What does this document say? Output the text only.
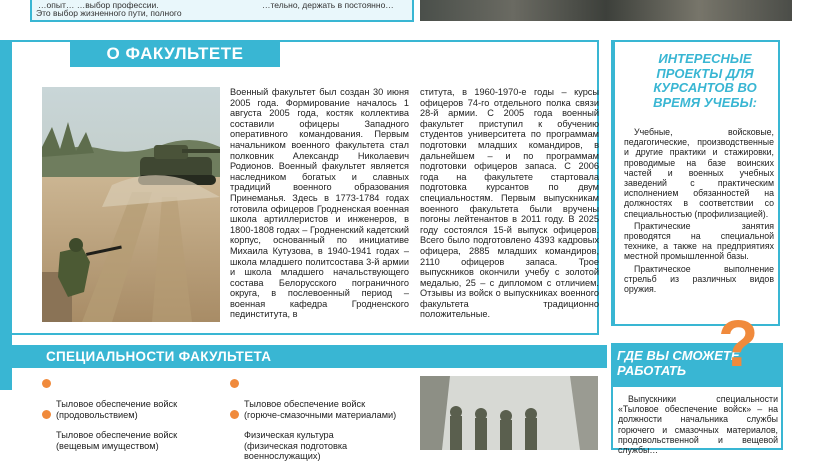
…опыт… …выбор профессии.

Это выбор жизненного пути, полного
…тельно, держать в постоянно…
О ФАКУЛЬТЕТЕ
Военный факультет был создан 30 июня 2005 года. Формирование началось 1 августа 2005 года, костяк коллектива составили офицеры Западного оперативного командования. Первым начальником военного факультета стал полковник Александр Николаевич Родионов. Военный факультет является наследником богатых и славных традиций военного образования Принеманья. Здесь в 1773-1784 годах готовила офицеров Гродненская военная школа артиллеристов и инженеров, в 1800-1808 годах – Гродненский кадетский корпус, основанный по инициативе Михаила Кутузова, в 1940-1941 годах – школа младшего политсостава 3-й армии и школа младшего начальствующего состава Белорусского пограничного округа, в послевоенный период – военная кафедра Гродненского пединститута, в
ститута, в 1960-1970-е годы – курсы офицеров 74-го отдельного полка связи 28-й армии. С 2005 года военный факультет приступил к обучению студентов университета по программам подготовки младших командиров, в дальнейшем – и по программам подготовки офицеров запаса. С 2006 года на факультете стартовала подготовка курсантов по двум специальностям. Первым выпускникам военного факультета были вручены погоны лейтенантов в 2011 году. В 2025 году состоялся 15-й выпуск офицеров. Всего было подготовлено 4393 кадровых офицера, 2885 младших командиров, 2110 офицеров запаса. Трое выпускников окончили учебу с золотой медалью, 25 – с дипломом с отличием. Отзывы из войск о выпускниках военного факультета традиционно положительные.
ИНТЕРЕСНЫЕ ПРОЕКТЫ ДЛЯ КУРСАНТОВ ВО ВРЕМЯ УЧЕБЫ:

Учебные, войсковые, педагогические, производственные и другие практики и стажировки, проводимые на базе воинских частей и военных учебных заведений с практическим исполнением обязанностей на должностях в соответствии со специальностью (профилизацией).

Практические занятия проводятся на специальной технике, а также на предприятиях местной промышленной базы.

Практическое выполнение стрельб из различных видов оружия.

СПЕЦИАЛЬНОСТИ ФАКУЛЬТЕТА

Тыловое обеспечение войск
(продовольствием)

Тыловое обеспечение войск
(вещевым имуществом)

Тыловое обеспечение войск
(горюче-смазочными материалами)

Физическая культура
(физическая подготовка
военнослужащих)

ГДЕ ВЫ СМОЖЕТЕ РАБОТАТЬ ?
Выпускники специальности «Тыловое обеспечение войск» – на должности начальника службы горючего и смазочных материалов, продовольственной и вещевой службы…
